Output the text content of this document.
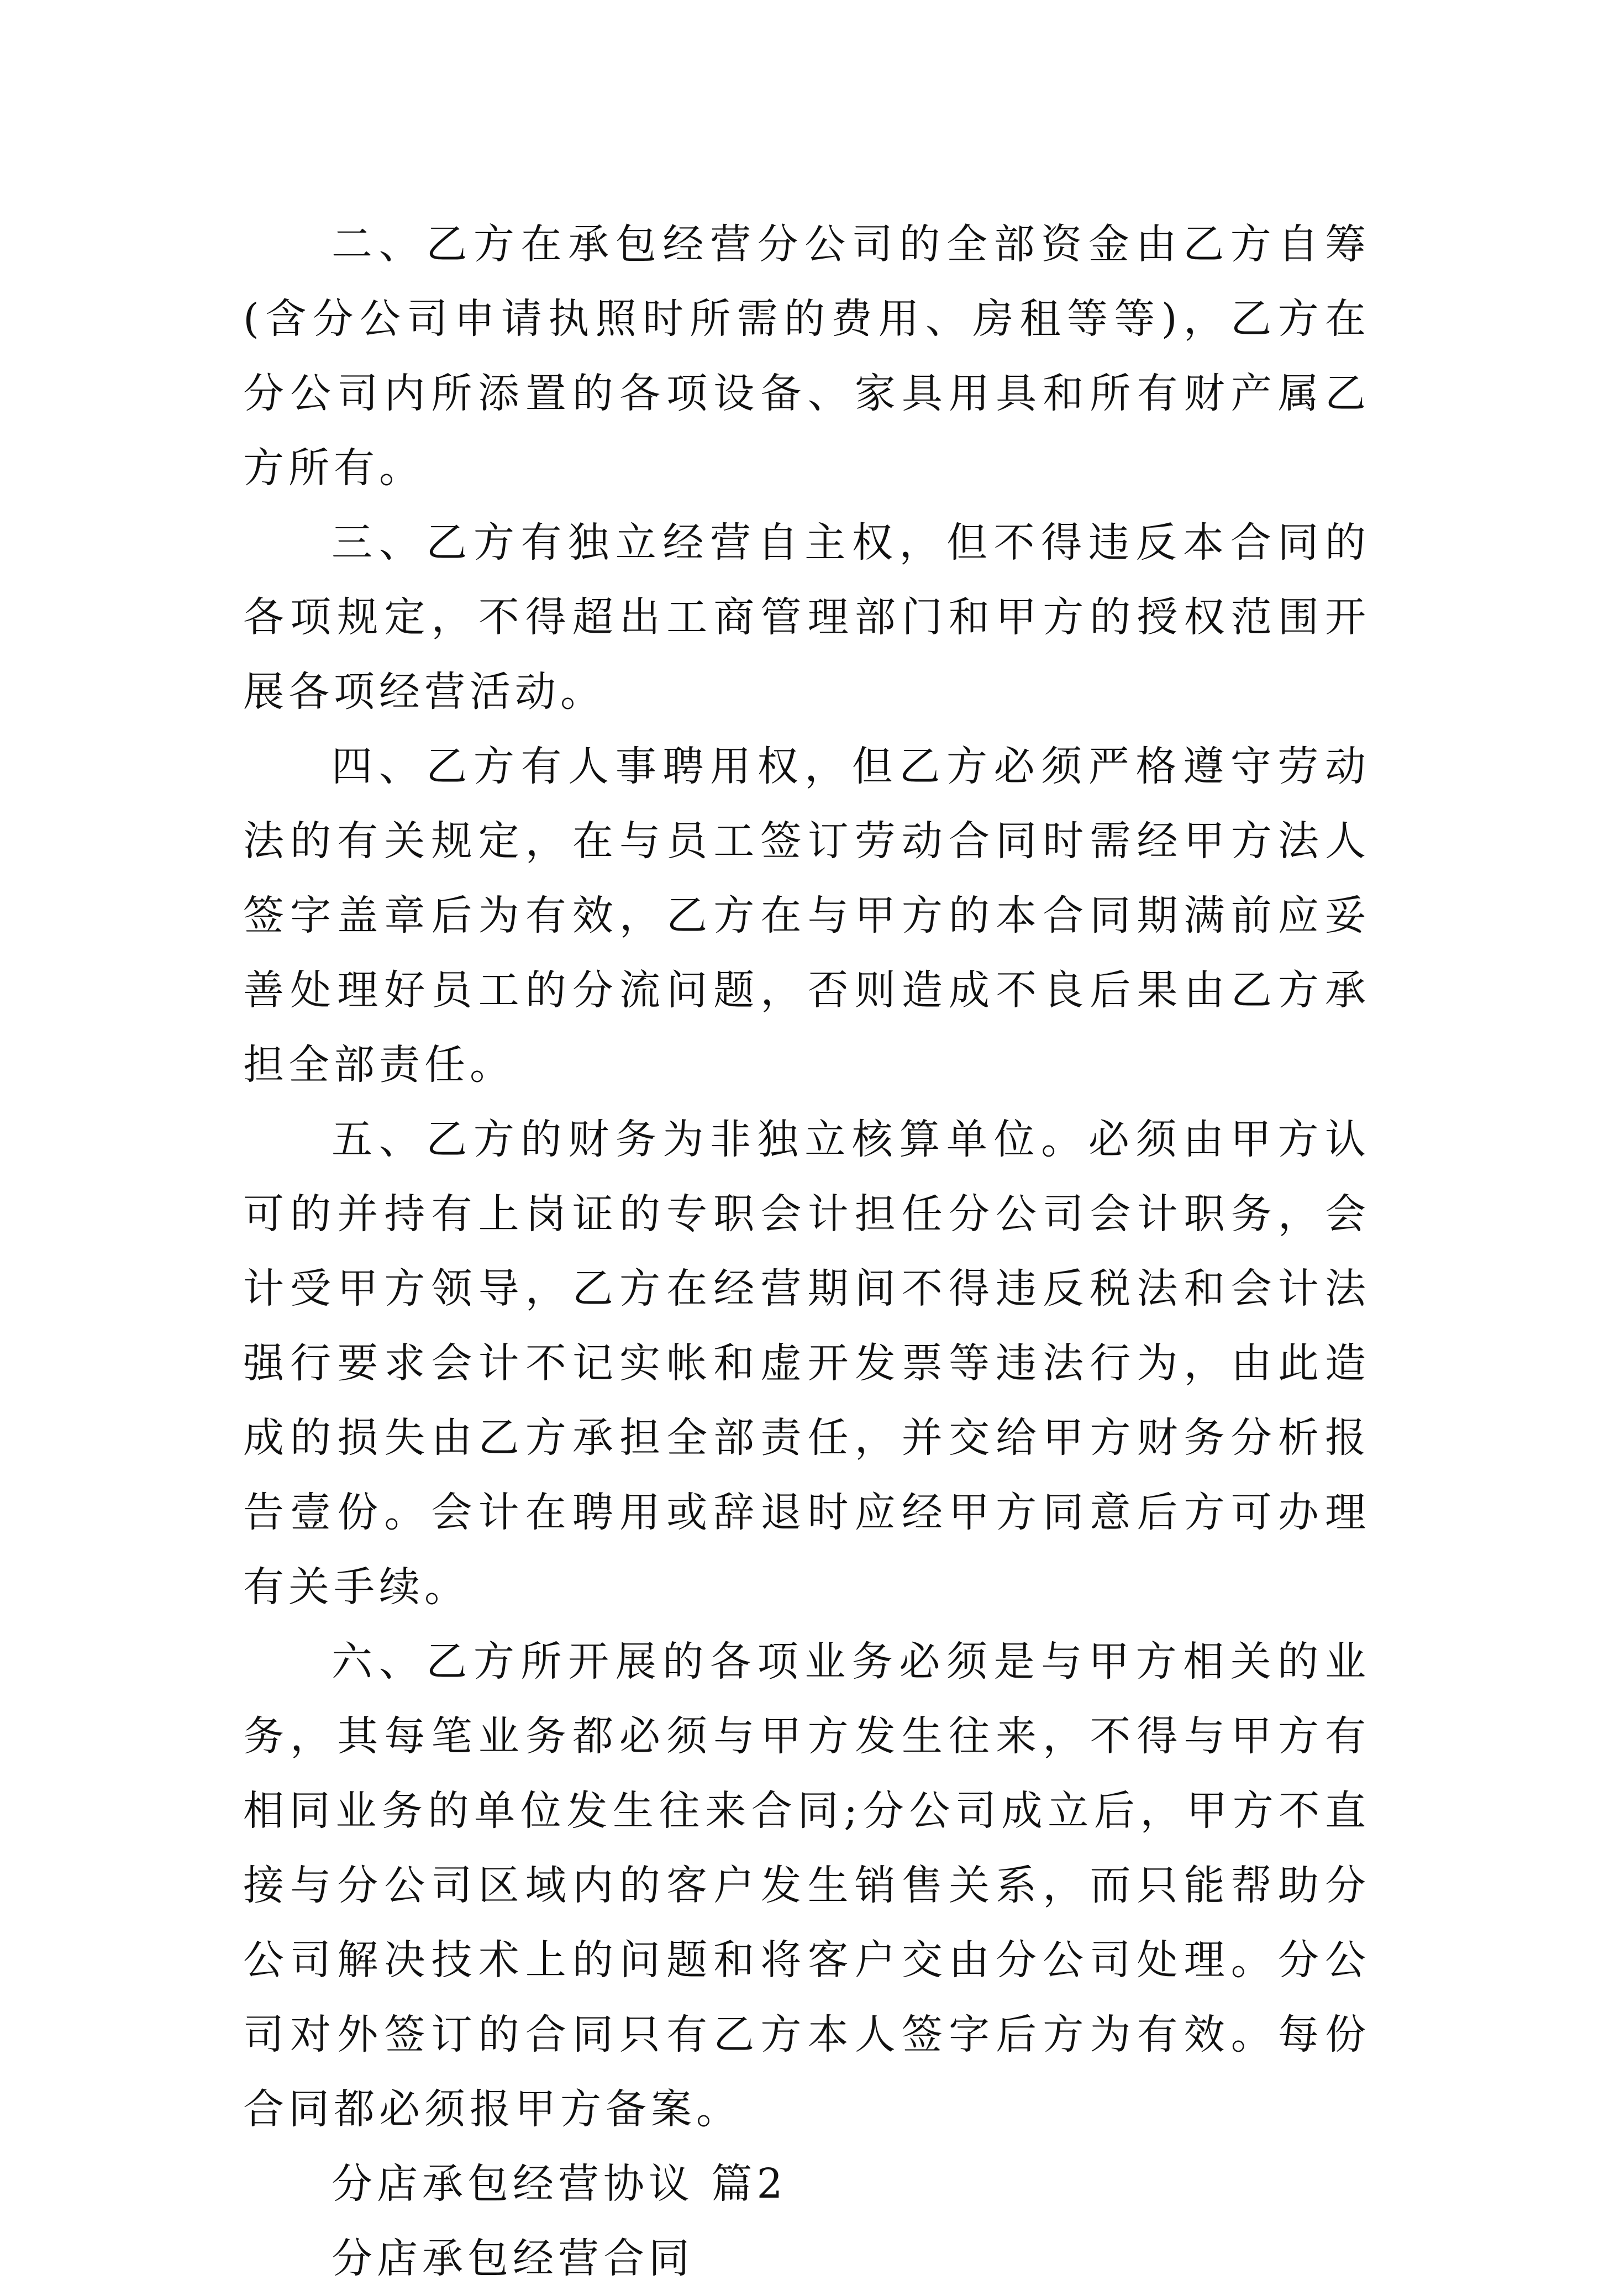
二、乙方在承包经营分公司的全部资金由乙方自筹(含分公司申请执照时所需的费用、房租等等)，乙方在分公司内所添置的各项设备、家具用具和所有财产属乙方所有。

三、乙方有独立经营自主权，但不得违反本合同的各项规定，不得超出工商管理部门和甲方的授权范围开展各项经营活动。

四、乙方有人事聘用权，但乙方必须严格遵守劳动法的有关规定，在与员工签订劳动合同时需经甲方法人签字盖章后为有效，乙方在与甲方的本合同期满前应妥善处理好员工的分流问题，否则造成不良后果由乙方承担全部责任。

五、乙方的财务为非独立核算单位。必须由甲方认可的并持有上岗证的专职会计担任分公司会计职务，会计受甲方领导，乙方在经营期间不得违反税法和会计法强行要求会计不记实帐和虚开发票等违法行为，由此造成的损失由乙方承担全部责任，并交给甲方财务分析报告壹份。会计在聘用或辞退时应经甲方同意后方可办理有关手续。

六、乙方所开展的各项业务必须是与甲方相关的业务，其每笔业务都必须与甲方发生往来，不得与甲方有相同业务的单位发生往来合同;分公司成立后，甲方不直接与分公司区域内的客户发生销售关系，而只能帮助分公司解决技术上的问题和将客户交由分公司处理。分公司对外签订的合同只有乙方本人签字后方为有效。每份合同都必须报甲方备案。

分店承包经营协议 篇2

分店承包经营合同
